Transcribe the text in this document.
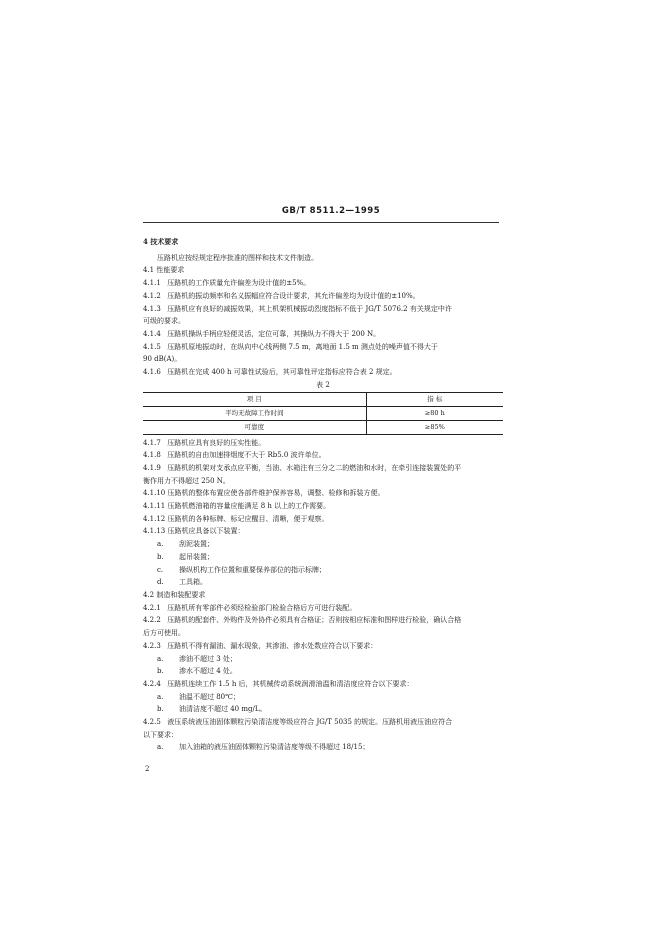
GB/T 8511.2—1995
4 技术要求
压路机应按经规定程序批准的图样和技术文件制造。
4.1 性能要求
4.1.1 压路机的工作质量允许偏差为设计值的±5%。
4.1.2 压路机的振动频率和名义振幅应符合设计要求，其允许偏差均为设计值的±10%。
4.1.3 压路机应有良好的减振效果，其上机架机械振动烈度指标不低于 JG/T 5076.2 有关规定中许
可级的要求。
4.1.4 压路机操纵手柄应轻便灵活，定位可靠，其操纵力不得大于 200 N。
4.1.5 压路机原地振动时，在纵向中心线两侧 7.5 m，离地面 1.5 m 测点处的噪声值不得大于
90 dB(A)。
4.1.6 压路机在完成 400 h 可靠性试验后，其可靠性评定指标应符合表 2 规定。
表 2
项 目	指 标
平均无故障工作时间	≥80 h
可靠度	≥85%
4.1.7 压路机应具有良好的压实性能。
4.1.8 压路机的自由加速排烟度不大于 Rb5.0 波许单位。
4.1.9 压路机的机架对支承点应平衡，当油、水箱注有三分之二的燃油和水时，在牵引连接装置处的平
衡作用力不得超过 250 N。
4.1.10 压路机的整体布置应使各部件维护保养容易，调整、检修和拆装方便。
4.1.11 压路机燃油箱的容量应能满足 8 h 以上的工作需要。
4.1.12 压路机的各种标牌、标记应醒目、清晰，便于观察。
4.1.13 压路机应具备以下装置：
a. 刮泥装置；
b. 起吊装置；
c. 操纵机构工作位置和重要保养部位的指示标牌；
d. 工具箱。
4.2 制造和装配要求
4.2.1 压路机所有零部件必须经检验部门检验合格后方可进行装配。
4.2.2 压路机的配套件、外购件及外协件必须具有合格证；否则按相应标准和图样进行检验，确认合格
后方可使用。
4.2.3 压路机不得有漏油、漏水现象，其渗油、渗水处数应符合以下要求：
a. 渗油不超过 3 处；
b. 渗水不超过 4 处。
4.2.4 压路机连续工作 1.5 h 后，其机械传动系统润滑油温和清洁度应符合以下要求：
a. 油温不超过 80℃；
b. 油清洁度不超过 40 mg/L。
4.2.5 液压系统液压油固体颗粒污染清洁度等级应符合 JG/T 5035 的规定。压路机用液压油应符合
以下要求：
a. 加入油箱的液压油固体颗粒污染清洁度等级不得超过 18/15；
2
